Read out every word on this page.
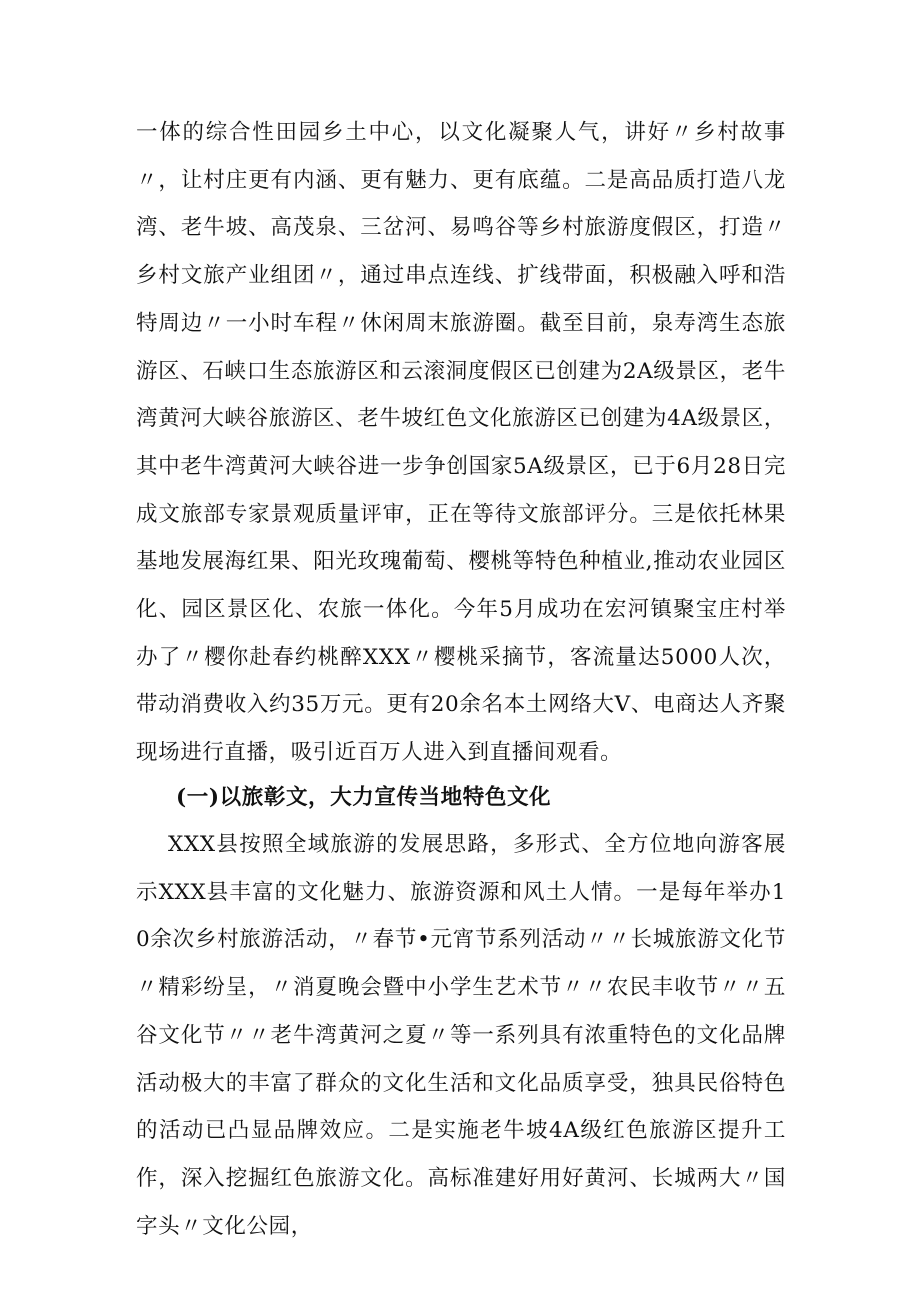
一体的综合性田园乡土中心，以文化凝聚人气，讲好〃乡村故事〃，让村庄更有内涵、更有魅力、更有底蕴。二是高品质打造八龙湾、老牛坡、高茂泉、三岔河、易鸣谷等乡村旅游度假区，打造〃乡村文旅产业组团〃，通过串点连线、扩线带面，积极融入呼和浩特周边〃一小时车程〃休闲周末旅游圈。截至目前，泉寿湾生态旅游区、石峡口生态旅游区和云滚洞度假区已创建为2A级景区，老牛湾黄河大峡谷旅游区、老牛坡红色文化旅游区已创建为4A级景区，其中老牛湾黄河大峡谷进一步争创国家5A级景区，已于6月28日完成文旅部专家景观质量评审，正在等待文旅部评分。三是依托林果基地发展海红果、阳光玫瑰葡萄、樱桃等特色种植业,推动农业园区化、园区景区化、农旅一体化。今年5月成功在宏河镇聚宝庄村举办了〃樱你赴春约桃醉XXX〃樱桃采摘节，客流量达5000人次，带动消费收入约35万元。更有20余名本土网络大V、电商达人齐聚现场进行直播，吸引近百万人进入到直播间观看。

(一)以旅彰文，大力宣传当地特色文化

XXX县按照全域旅游的发展思路，多形式、全方位地向游客展示XXX县丰富的文化魅力、旅游资源和风土人情。一是每年举办10余次乡村旅游活动，〃春节•元宵节系列活动〃〃长城旅游文化节〃精彩纷呈，〃消夏晚会暨中小学生艺术节〃〃农民丰收节〃〃五谷文化节〃〃老牛湾黄河之夏〃等一系列具有浓重特色的文化品牌活动极大的丰富了群众的文化生活和文化品质享受，独具民俗特色的活动已凸显品牌效应。二是实施老牛坡4A级红色旅游区提升工作，深入挖掘红色旅游文化。高标准建好用好黄河、长城两大〃国字头〃文化公园，
